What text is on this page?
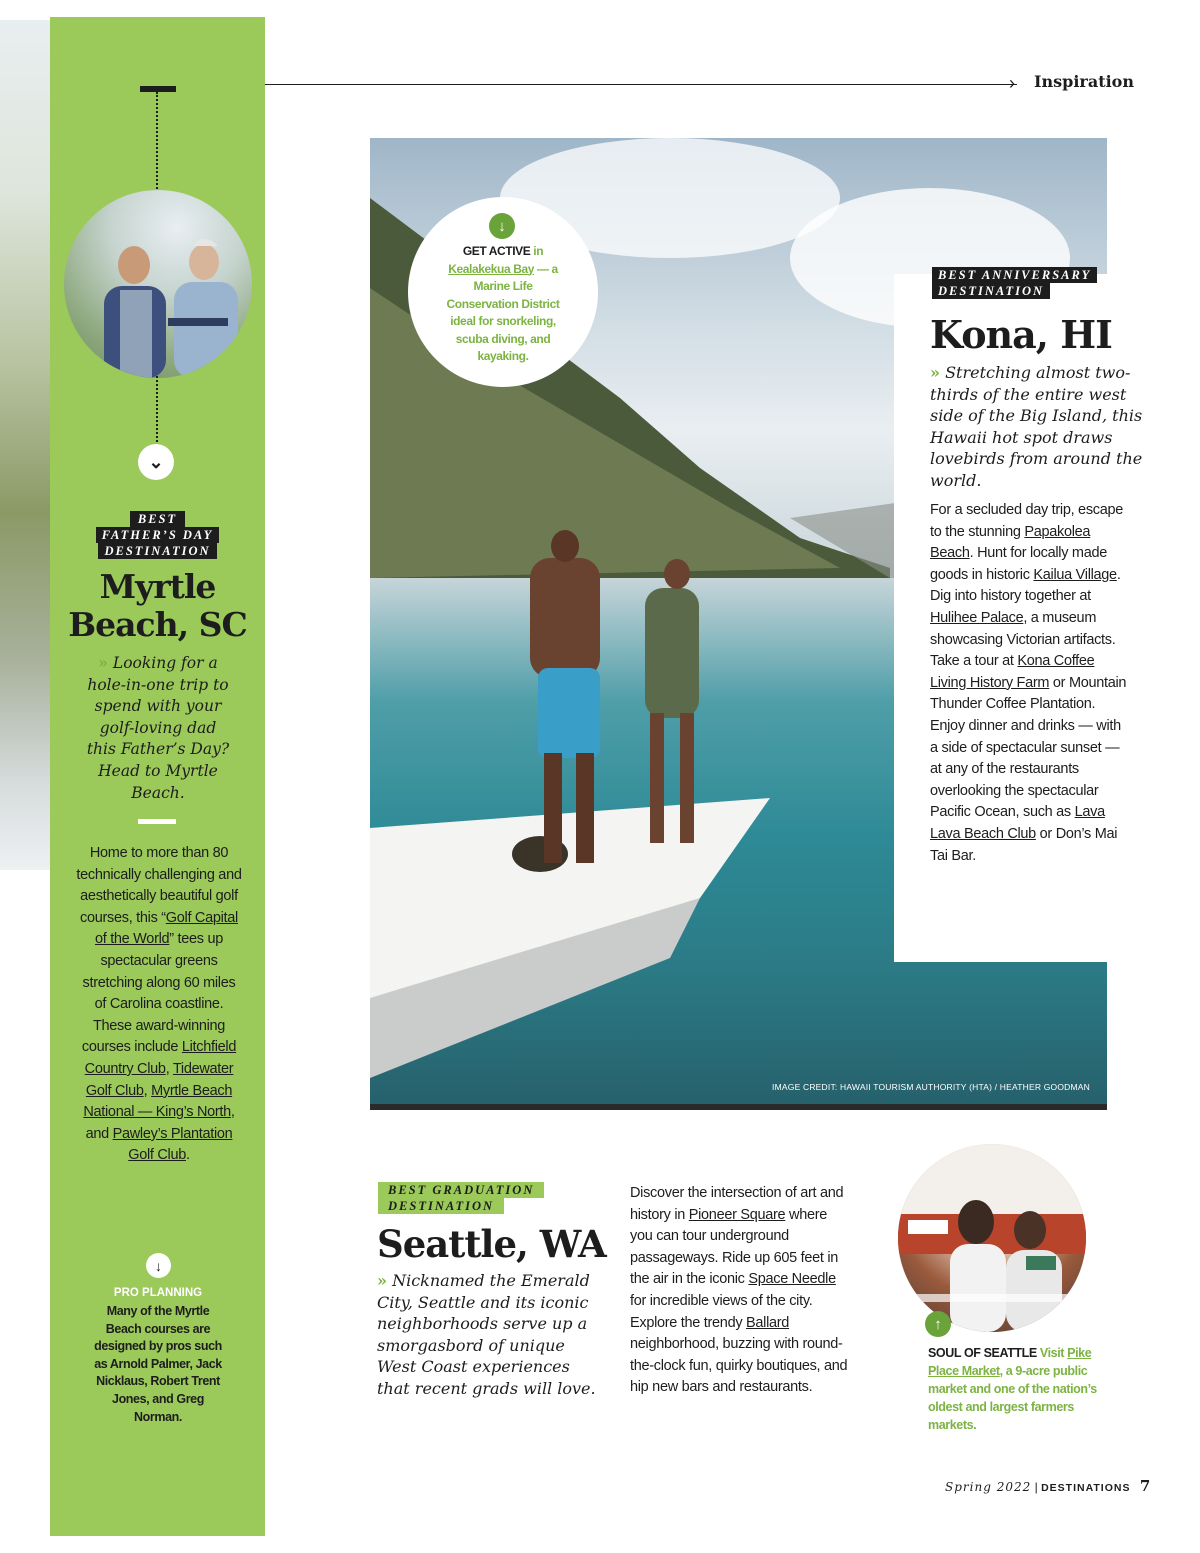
⌄
BEST
FATHER’S DAY
DESTINATION
Myrtle
Beach, SC
» Looking for a hole-in-one trip to spend with your golf-loving dad this Father’s Day? Head to Myrtle Beach.
Home to more than 80 technically challenging and aesthetically beautiful golf courses, this “Golf Capital of the World” tees up spectacular greens stretching along 60 miles of Carolina coastline. These award-winning courses include Litchfield Country Club, Tidewater Golf Club, Myrtle Beach National — King’s North, and Pawley’s Plantation Golf Club.
↓
PRO PLANNING
Many of the Myrtle Beach courses are designed by pros such as Arnold Palmer, Jack Nicklaus, Robert Trent Jones, and Greg Norman.
› Inspiration
IMAGE CREDIT: HAWAII TOURISM AUTHORITY (HTA) / HEATHER GOODMAN
↓
GET ACTIVE in Kealakekua Bay — a Marine Life Conservation District ideal for snorkeling, scuba diving, and kayaking.
BEST ANNIVERSARY
DESTINATION
Kona, HI
» Stretching almost two-thirds of the entire west side of the Big Island, this Hawaii hot spot draws lovebirds from around the world.
For a secluded day trip, escape to the stunning Papakolea Beach. Hunt for locally made goods in historic Kailua Village. Dig into history together at Hulihee Palace, a museum showcasing Victorian artifacts. Take a tour at Kona Coffee Living History Farm or Mountain Thunder Coffee Plantation. Enjoy dinner and drinks — with a side of spectacular sunset — at any of the restaurants overlooking the spectacular Pacific Ocean, such as Lava Lava Beach Club or Don’s Mai Tai Bar.
BEST GRADUATION
DESTINATION
Seattle, WA
» Nicknamed the Emerald City, Seattle and its iconic neighborhoods serve up a smorgasbord of unique West Coast experiences that recent grads will love.
Discover the intersection of art and history in Pioneer Square where you can tour underground passageways. Ride up 605 feet in the air in the iconic Space Needle for incredible views of the city. Explore the trendy Ballard neighborhood, buzzing with round-the-clock fun, quirky boutiques, and hip new bars and restaurants.
↑
SOUL OF SEATTLE Visit Pike Place Market, a 9-acre public market and one of the nation’s oldest and largest farmers markets.
Spring 2022 | DESTINATIONS 7
